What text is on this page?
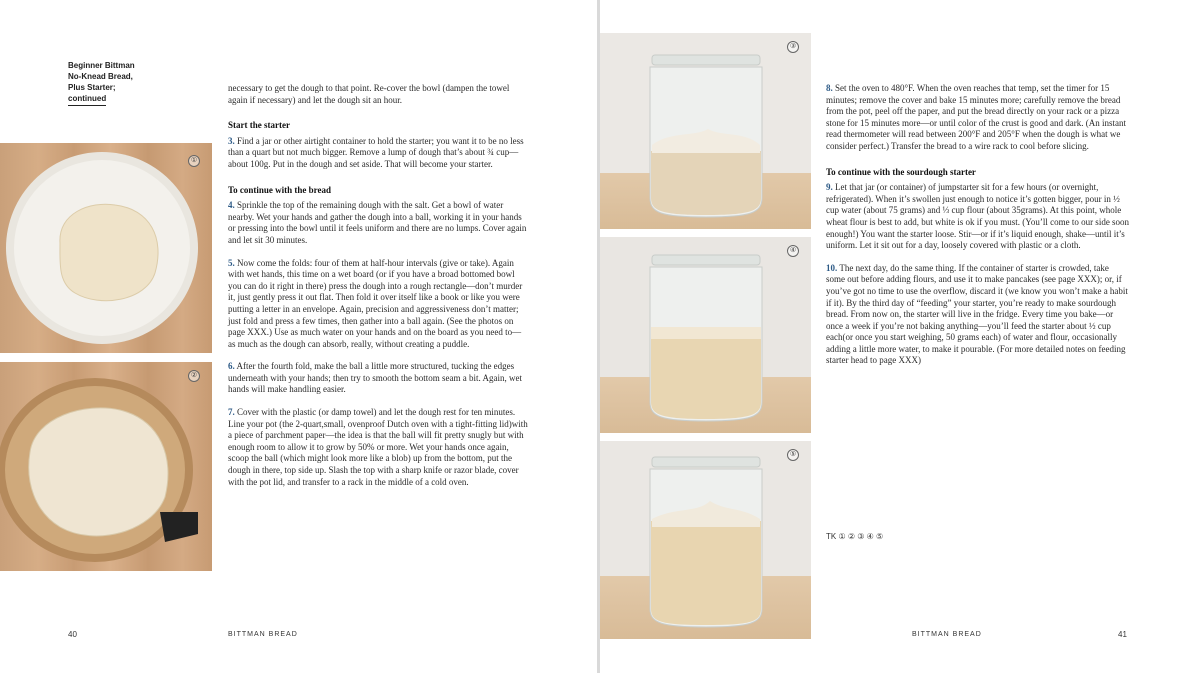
Beginner Bittman
No-Knead Bread,
Plus Starter;
continued
①
②

necessary to get the dough to that point. Re-cover the bowl (dampen the towel again if necessary) and let the dough sit an hour.

Start the starter

3. Find a jar or other airtight container to hold the starter; you want it to be no less than a quart but not much bigger. Remove a lump of dough that’s about ¾ cup—about 100g. Put in the dough and set aside. That will become your starter.

To continue with the bread

4. Sprinkle the top of the remaining dough with the salt. Get a bowl of water nearby. Wet your hands and gather the dough into a ball, working it in your hands or pressing into the bowl until it feels uniform and there are no lumps. Cover again and let sit 30 minutes.

5. Now come the folds: four of them at half-hour intervals (give or take). Again with wet hands, this time on a wet board (or if you have a broad bottomed bowl you can do it right in there) press the dough into a rough rectangle—don’t murder it, just gently press it out flat. Then fold it over itself like a book or like you were putting a letter in an envelope. Again, precision and aggressiveness don’t matter; just fold and press a few times, then gather into a ball again. (See the photos on page XXX.) Use as much water on your hands and on the board as you need to—as much as the dough can absorb, really, without creating a puddle.

6. After the fourth fold, make the ball a little more structured, tucking the edges underneath with your hands; then try to smooth the bottom seam a bit. Again, wet hands will make handling easier.

7. Cover with the plastic (or damp towel) and let the dough rest for ten minutes. Line your pot (the 2-quart,small, ovenproof Dutch oven with a tight-fitting lid)with a piece of parchment paper—the idea is that the ball will fit pretty snugly but with enough room to allow it to grow by 50% or more. Wet your hands once again, scoop the ball (which might look more like a blob) up from the bottom, put the dough in there, top side up. Slash the top with a sharp knife or razor blade, cover with the pot lid, and transfer to a rack in the middle of a cold oven.

40	BITTMAN BREAD
③
④
⑤

8. Set the oven to 480°F. When the oven reaches that temp, set the timer for 15 minutes; remove the cover and bake 15 minutes more; carefully remove the bread from the pot, peel off the paper, and put the bread directly on your rack or a pizza stone for 15 minutes more—or until color of the crust is good and dark. (An instant read thermometer will read between 200°F and 205°F when the dough is what we consider perfect.) Transfer the bread to a wire rack to cool before slicing.

To continue with the sourdough starter

9. Let that jar (or container) of jumpstarter sit for a few hours (or overnight, refrigerated). When it’s swollen just enough to notice it’s gotten bigger, pour in ½ cup water (about 75 grams) and ⅓ cup flour (about 35grams). At this point, whole wheat flour is best to add, but white is ok if you must. (You’ll come to our side soon enough!) You want the starter loose. Stir—or if it’s liquid enough, shake—until it’s uniform. Let it sit out for a day, loosely covered with plastic or a cloth.

10. The next day, do the same thing. If the container of starter is crowded, take some out before adding flours, and use it to make pancakes (see page XXX); or, if you’ve got no time to use the overflow, discard it (we know you won’t make a habit if it). By the third day of “feeding” your starter, you’re ready to make sourdough bread. From now on, the starter will live in the fridge. Every time you bake—or once a week if you’re not baking anything—you’ll feed the starter about ½ cup each(or once you start weighing, 50 grams each) of water and flour, occasionally adding a little more water, to make it pourable. (For more detailed notes on feeding starter head to page XXX)

BITTMAN BREAD	41
TK ① ② ③ ④ ⑤
